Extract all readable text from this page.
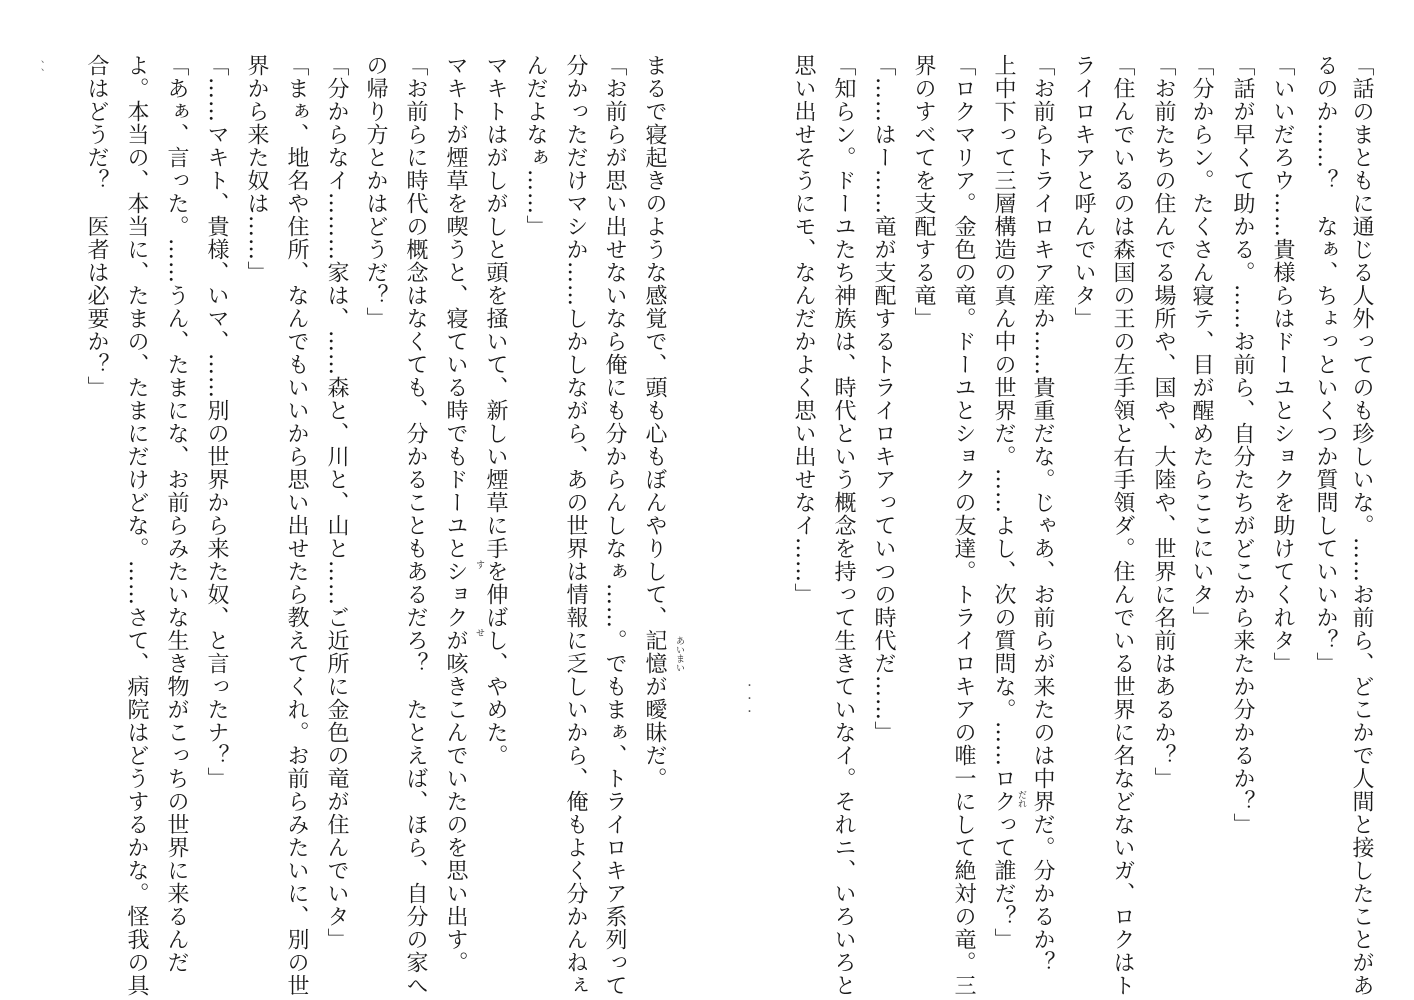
「話のまともに通じる人外ってのも珍しいな。……お前ら、どこかで人間と接したことがあ
るのか……？　なぁ、ちょっといくつか質問していいか？」
「いいだろウ……貴様らはドーユとショクを助けてくれタ」
「話が早くて助かる。……お前ら、自分たちがどこから来たか分かるか？」
「分からン。たくさん寝テ、目が醒めたらここにいタ」
「お前たちの住んでる場所や、国や、大陸や、世界に名前はあるか？」
「住んでいるのは森国の王の左手領と右手領ダ。住んでいる世界に名などないガ、ロクはト
ライロキアと呼んでいタ」
「お前らトライロキア産か……貴重だな。じゃあ、お前らが来たのは中界だ。分かるか？
上中下って三層構造の真ん中の世界だ。……よし、次の質問な。……ロクって誰だ？」
「ロクマリア。金色の竜。ドーユとショクの友達。トライロキアの唯一にして絶対の竜。三
界のすべてを支配する竜」
「……はー……竜が支配するトライロキアっていつの時代だ……」
「知らン。ドーユたち神族は、時代という概念を持って生きていなイ。それニ、いろいろと
思い出せそうにモ、なんだかよく思い出せなイ……」
だれ
・・・
、、	まるで寝起きのような感覚で、頭も心もぼんやりして、記憶が曖昧だ。
「お前らが思い出せないなら俺にも分からんしなぁ……。でもまぁ、トライロキア系列って
分かっただけマシか……しかしながら、あの世界は情報に乏しいから、俺もよく分かんねぇ
んだよなぁ……」
マキトはがしがしと頭を掻いて、新しい煙草に手を伸ばし、やめた。
マキトが煙草を喫うと、寝ている時でもドーユとショクが咳きこんでいたのを思い出す。
「お前らに時代の概念はなくても、分かることもあるだろ？　たとえば、ほら、自分の家へ
の帰り方とかはどうだ？」
「分からなイ………家は、……森と、川と、山と……ご近所に金色の竜が住んでいタ」
「まぁ、地名や住所、なんでもいいから思い出せたら教えてくれ。お前らみたいに、別の世
界から来た奴は……」
「……マキト、貴様、いマ、……別の世界から来た奴、と言ったナ？」
「あぁ、言った。……うん、たまにな、お前らみたいな生き物がこっちの世界に来るんだ
よ。本当の、本当に、たまの、たまにだけどな。……さて、病院はどうするかな。怪我の具
合はどうだ？　医者は必要か？」
あいまい
す
せ
